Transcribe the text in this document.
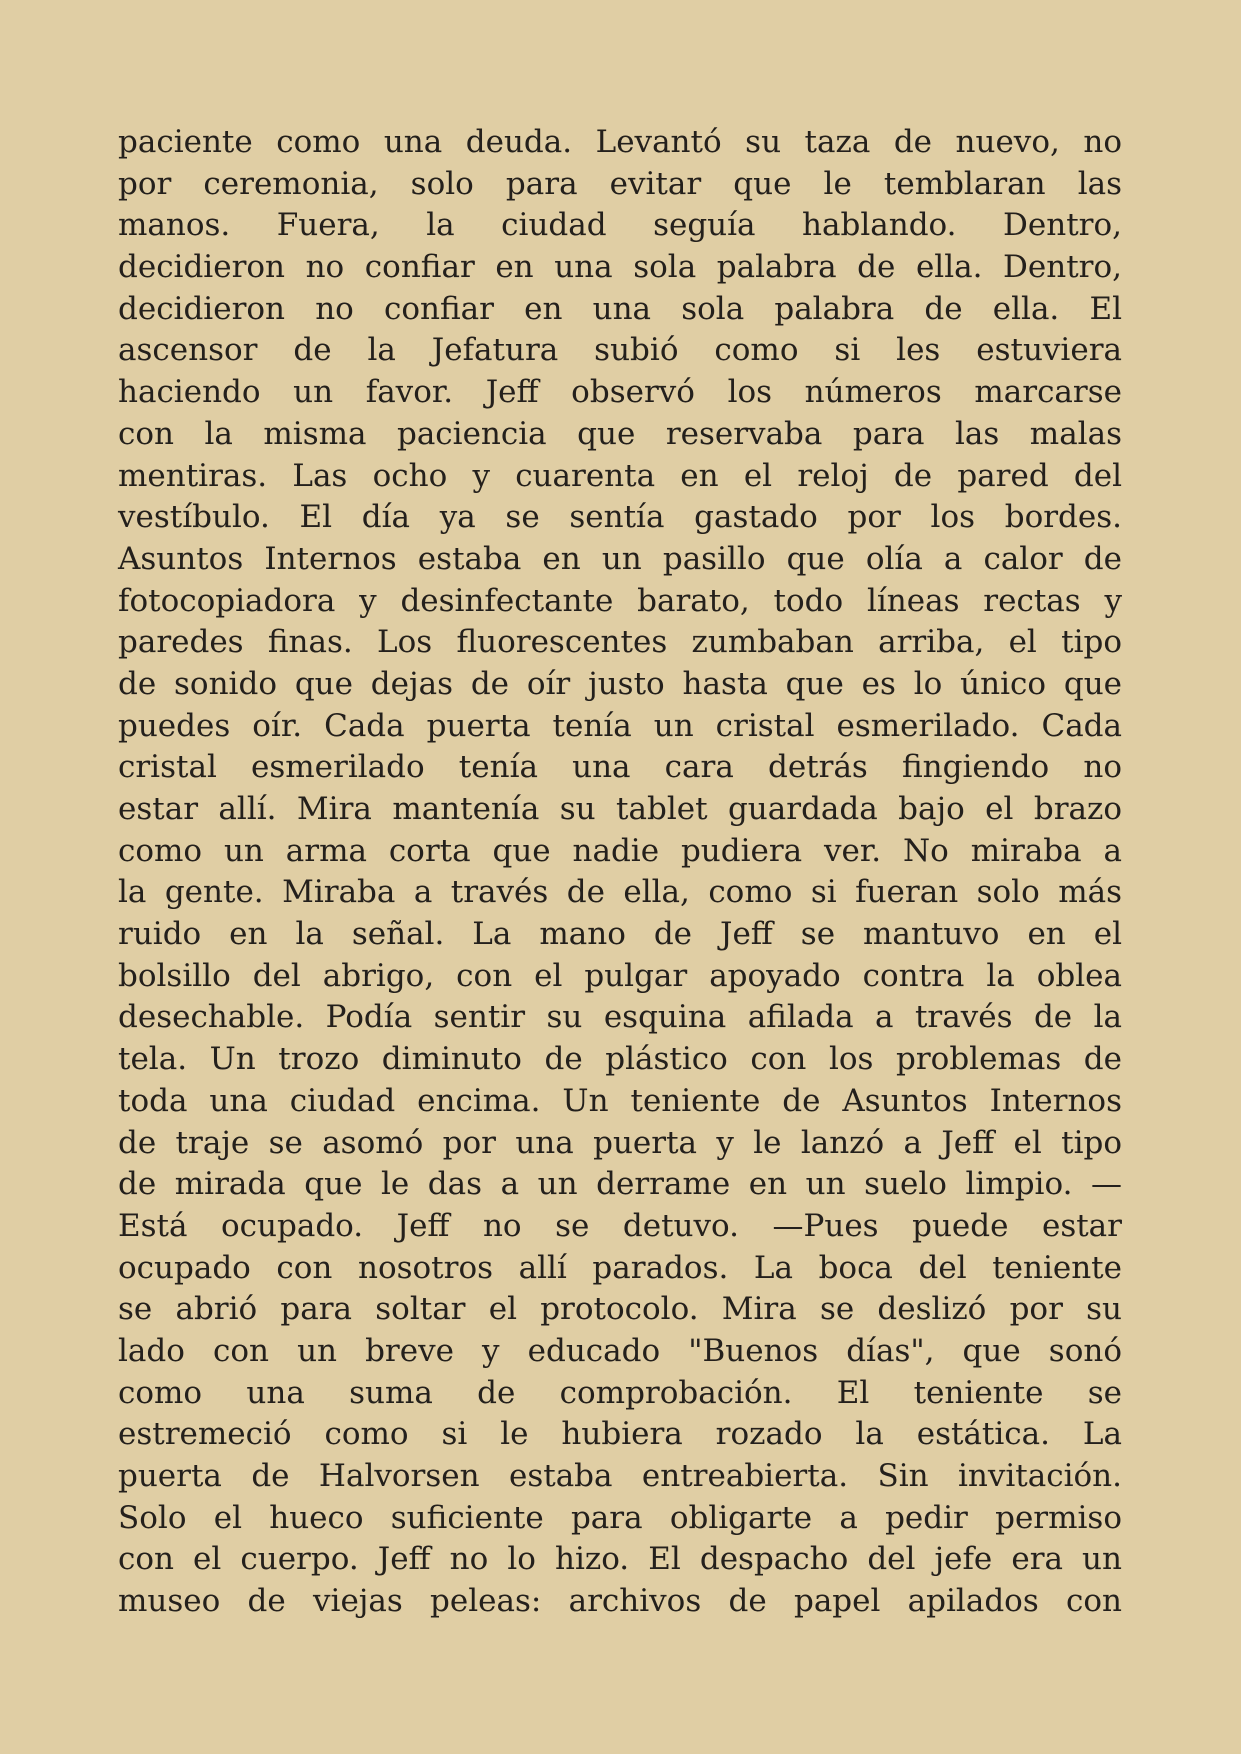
paciente como una deuda. Levantó su taza de nuevo, no
por ceremonia, solo para evitar que le temblaran las
manos. Fuera, la ciudad seguía hablando. Dentro,
decidieron no confiar en una sola palabra de ella. Dentro,
decidieron no confiar en una sola palabra de ella. El
ascensor de la Jefatura subió como si les estuviera
haciendo un favor. Jeff observó los números marcarse
con la misma paciencia que reservaba para las malas
mentiras. Las ocho y cuarenta en el reloj de pared del
vestíbulo. El día ya se sentía gastado por los bordes.
Asuntos Internos estaba en un pasillo que olía a calor de
fotocopiadora y desinfectante barato, todo líneas rectas y
paredes finas. Los fluorescentes zumbaban arriba, el tipo
de sonido que dejas de oír justo hasta que es lo único que
puedes oír. Cada puerta tenía un cristal esmerilado. Cada
cristal esmerilado tenía una cara detrás fingiendo no
estar allí. Mira mantenía su tablet guardada bajo el brazo
como un arma corta que nadie pudiera ver. No miraba a
la gente. Miraba a través de ella, como si fueran solo más
ruido en la señal. La mano de Jeff se mantuvo en el
bolsillo del abrigo, con el pulgar apoyado contra la oblea
desechable. Podía sentir su esquina afilada a través de la
tela. Un trozo diminuto de plástico con los problemas de
toda una ciudad encima. Un teniente de Asuntos Internos
de traje se asomó por una puerta y le lanzó a Jeff el tipo
de mirada que le das a un derrame en un suelo limpio. —
Está ocupado. Jeff no se detuvo. —Pues puede estar
ocupado con nosotros allí parados. La boca del teniente
se abrió para soltar el protocolo. Mira se deslizó por su
lado con un breve y educado "Buenos días", que sonó
como una suma de comprobación. El teniente se
estremeció como si le hubiera rozado la estática. La
puerta de Halvorsen estaba entreabierta. Sin invitación.
Solo el hueco suficiente para obligarte a pedir permiso
con el cuerpo. Jeff no lo hizo. El despacho del jefe era un
museo de viejas peleas: archivos de papel apilados con
